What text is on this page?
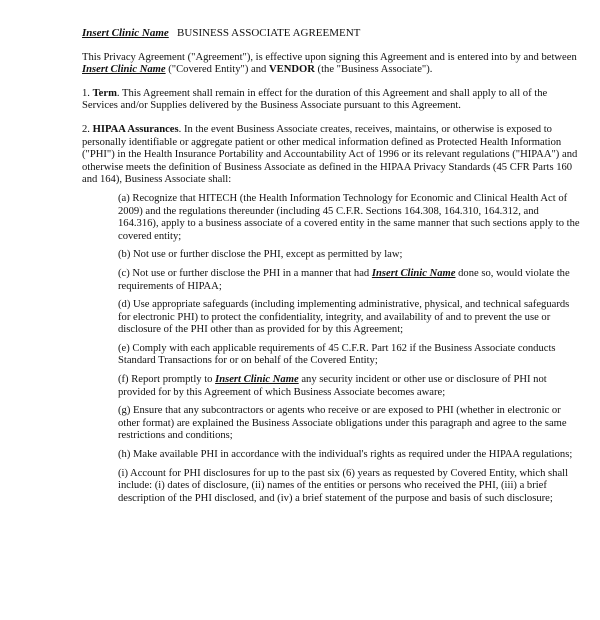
Insert Clinic Name BUSINESS ASSOCIATE AGREEMENT

This Privacy Agreement ("Agreement"), is effective upon signing this Agreement and is entered into by and between Insert Clinic Name ("Covered Entity") and VENDOR (the "Business Associate").

1. Term. This Agreement shall remain in effect for the duration of this Agreement and shall apply to all of the Services and/or Supplies delivered by the Business Associate pursuant to this Agreement.

2. HIPAA Assurances. In the event Business Associate creates, receives, maintains, or otherwise is exposed to personally identifiable or aggregate patient or other medical information defined as Protected Health Information ("PHI") in the Health Insurance Portability and Accountability Act of 1996 or its relevant regulations ("HIPAA") and otherwise meets the definition of Business Associate as defined in the HIPAA Privacy Standards (45 CFR Parts 160 and 164), Business Associate shall:

(a) Recognize that HITECH (the Health Information Technology for Economic and Clinical Health Act of 2009) and the regulations thereunder (including 45 C.F.R. Sections 164.308, 164.310, 164.312, and 164.316), apply to a business associate of a covered entity in the same manner that such sections apply to the covered entity;
(b) Not use or further disclose the PHI, except as permitted by law;
(c) Not use or further disclose the PHI in a manner that had Insert Clinic Name done so, would violate the requirements of HIPAA;
(d) Use appropriate safeguards (including implementing administrative, physical, and technical safeguards for electronic PHI) to protect the confidentiality, integrity, and availability of and to prevent the use or disclosure of the PHI other than as provided for by this Agreement;
(e) Comply with each applicable requirements of 45 C.F.R. Part 162 if the Business Associate conducts Standard Transactions for or on behalf of the Covered Entity;
(f) Report promptly to Insert Clinic Name any security incident or other use or disclosure of PHI not provided for by this Agreement of which Business Associate becomes aware;
(g) Ensure that any subcontractors or agents who receive or are exposed to PHI (whether in electronic or other format) are explained the Business Associate obligations under this paragraph and agree to the same restrictions and conditions;
(h) Make available PHI in accordance with the individual's rights as required under the HIPAA regulations;
(i) Account for PHI disclosures for up to the past six (6) years as requested by Covered Entity, which shall include: (i) dates of disclosure, (ii) names of the entities or persons who received the PHI, (iii) a brief description of the PHI disclosed, and (iv) a brief statement of the purpose and basis of such disclosure;
